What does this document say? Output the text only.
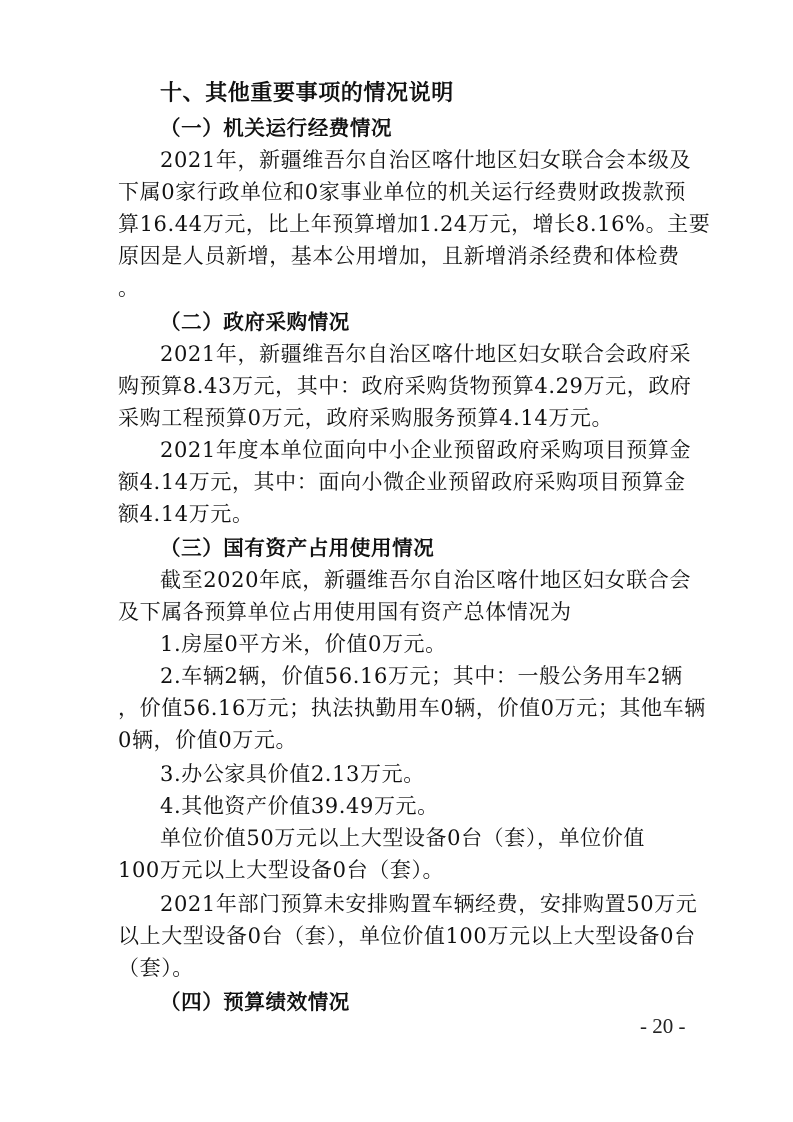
十、其他重要事项的情况说明
（一）机关运行经费情况
2021年，新疆维吾尔自治区喀什地区妇女联合会本级及
下属0家行政单位和0家事业单位的机关运行经费财政拨款预
算16.44万元，比上年预算增加1.24万元，增长8.16%。主要
原因是人员新增，基本公用增加，且新增消杀经费和体检费
。
（二）政府采购情况
2021年，新疆维吾尔自治区喀什地区妇女联合会政府采
购预算8.43万元，其中：政府采购货物预算4.29万元，政府
采购工程预算0万元，政府采购服务预算4.14万元。
2021年度本单位面向中小企业预留政府采购项目预算金
额4.14万元，其中：面向小微企业预留政府采购项目预算金
额4.14万元。
（三）国有资产占用使用情况
截至2020年底，新疆维吾尔自治区喀什地区妇女联合会
及下属各预算单位占用使用国有资产总体情况为
1.房屋0平方米，价值0万元。
2.车辆2辆，价值56.16万元；其中：一般公务用车2辆
，价值56.16万元；执法执勤用车0辆，价值0万元；其他车辆
0辆，价值0万元。
3.办公家具价值2.13万元。
4.其他资产价值39.49万元。
单位价值50万元以上大型设备0台（套），单位价值
100万元以上大型设备0台（套）。
2021年部门预算未安排购置车辆经费，安排购置50万元
以上大型设备0台（套），单位价值100万元以上大型设备0台
（套）。
（四）预算绩效情况
- 20 -
